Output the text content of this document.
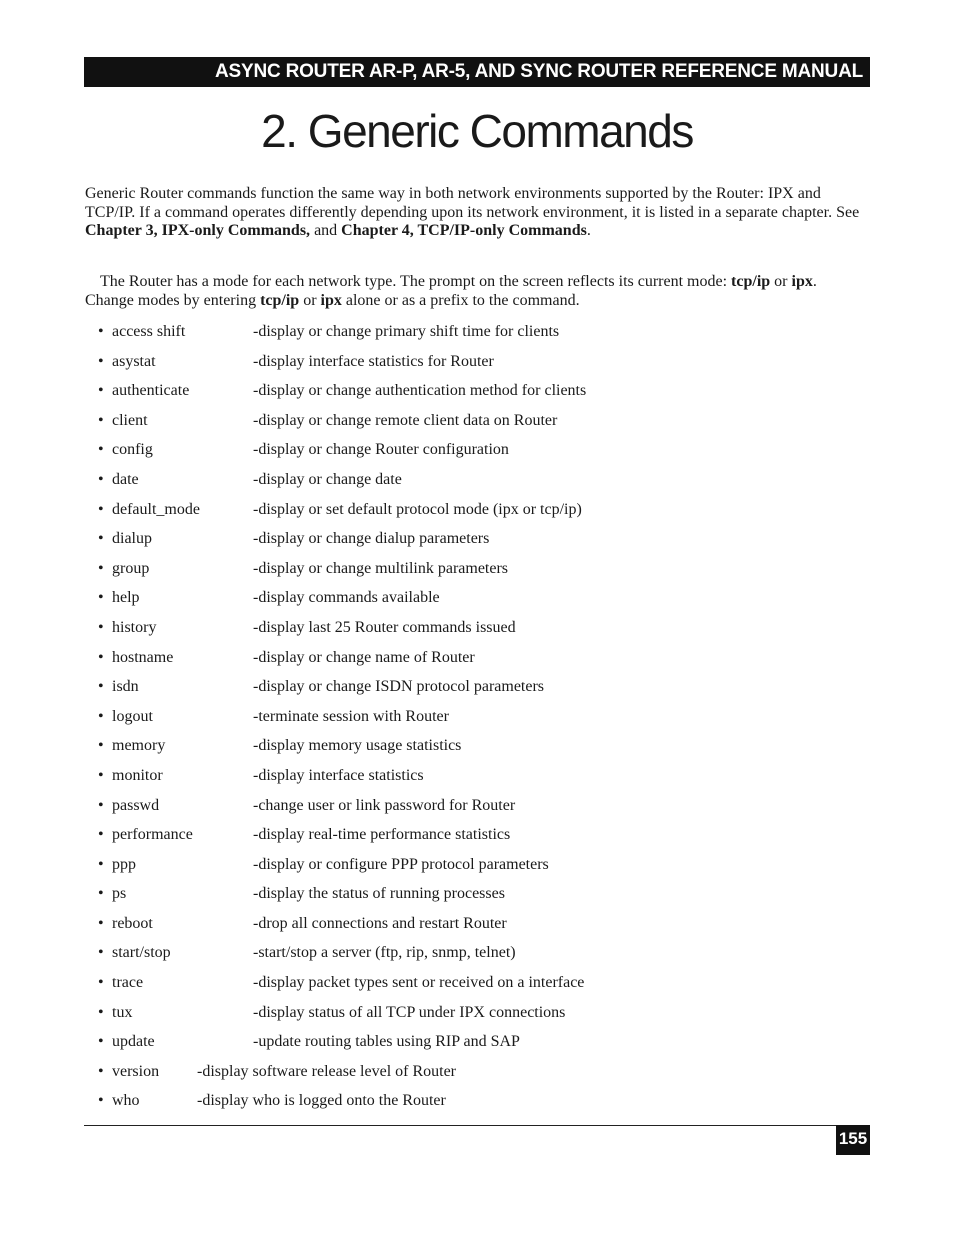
ASYNC ROUTER AR-P, AR-5, AND SYNC ROUTER REFERENCE MANUAL
2. Generic Commands

Generic Router commands function the same way in both network environments supported by the Router: IPX and TCP/IP. If a command operates differently depending upon its network environment, it is listed in a separate chapter. See Chapter 3, IPX-only Commands, and Chapter 4, TCP/IP-only Commands.

The Router has a mode for each network type. The prompt on the screen reflects its current mode: tcp/ip or ipx. Change modes by entering tcp/ip or ipx alone or as a prefix to the command.

• access shift	-display or change primary shift time for clients
• asystat	-display interface statistics for Router
• authenticate	-display or change authentication method for clients
• client	-display or change remote client data on Router
• config	-display or change Router configuration
• date	-display or change date
• default_mode	-display or set default protocol mode (ipx or tcp/ip)
• dialup	-display or change dialup parameters
• group	-display or change multilink parameters
• help	-display commands available
• history	-display last 25 Router commands issued
• hostname	-display or change name of Router
• isdn	-display or change ISDN protocol parameters
• logout	-terminate session with Router
• memory	-display memory usage statistics
• monitor	-display interface statistics
• passwd	-change user or link password for Router
• performance	-display real-time performance statistics
• ppp	-display or configure PPP protocol parameters
• ps	-display the status of running processes
• reboot	-drop all connections and restart Router
• start/stop	-start/stop a server (ftp, rip, snmp, telnet)
• trace	-display packet types sent or received on a interface
• tux	-display status of all TCP under IPX connections
• update	-update routing tables using RIP and SAP
• version -display software release level of Router
• who	-display who is logged onto the Router
155
